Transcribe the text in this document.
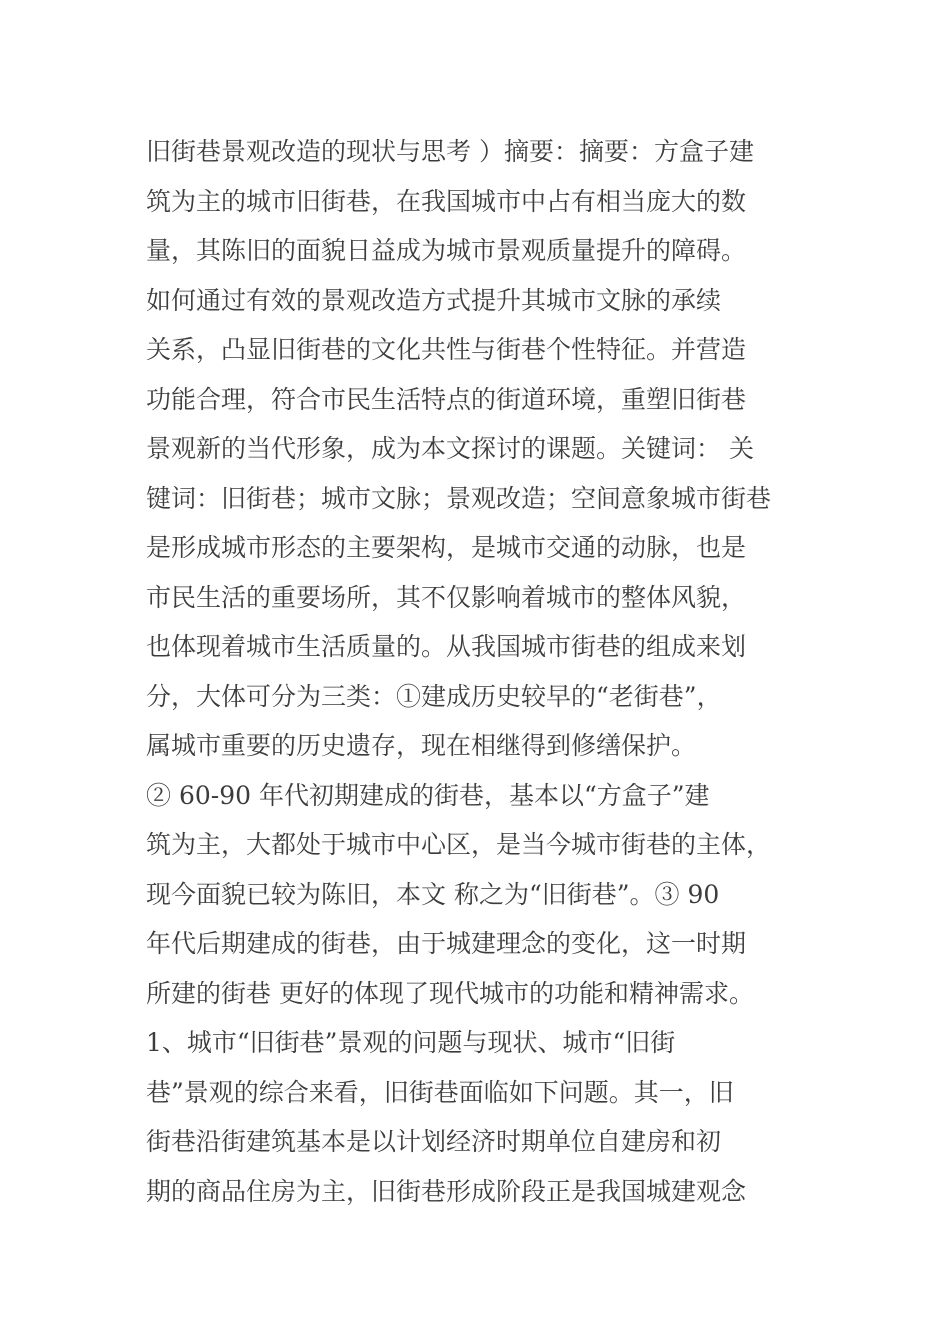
旧街巷景观改造的现状与思考 ）摘要：摘要：方盒子建
筑为主的城市旧街巷，在我国城市中占有相当庞大的数
量，其陈旧的面貌日益成为城市景观质量提升的障碍。
如何通过有效的景观改造方式提升其城市文脉的承续
关系，凸显旧街巷的文化共性与街巷个性特征。并营造
功能合理，符合市民生活特点的街道环境，重塑旧街巷
景观新的当代形象，成为本文探讨的课题。关键词： 关
键词：旧街巷；城市文脉；景观改造；空间意象城市街巷
是形成城市形态的主要架构，是城市交通的动脉，也是
市民生活的重要场所，其不仅影响着城市的整体风貌，
也体现着城市生活质量的。从我国城市街巷的组成来划
分，大体可分为三类：①建成历史较早的“老街巷”，
属城市重要的历史遗存，现在相继得到修缮保护。
② 60-90 年代初期建成的街巷，基本以“方盒子”建
筑为主，大都处于城市中心区，是当今城市街巷的主体，
现今面貌已较为陈旧，本文 称之为“旧街巷”。③ 90
年代后期建成的街巷，由于城建理念的变化，这一时期
所建的街巷 更好的体现了现代城市的功能和精神需求。
1、城市“旧街巷”景观的问题与现状、城市“旧街
巷”景观的综合来看，旧街巷面临如下问题。其一，旧
街巷沿街建筑基本是以计划经济时期单位自建房和初
期的商品住房为主，旧街巷形成阶段正是我国城建观念
